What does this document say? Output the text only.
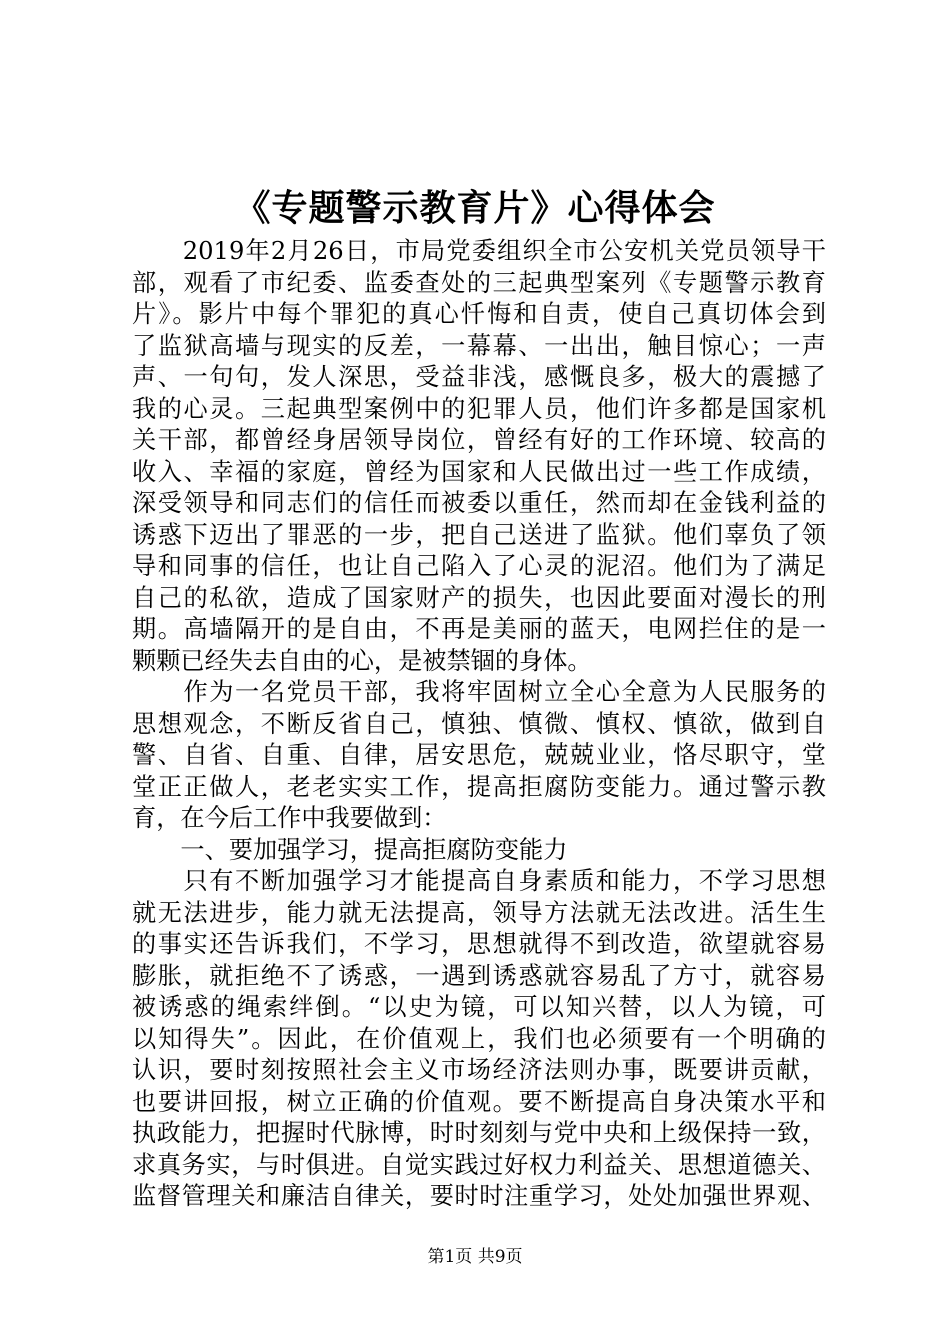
《专题警示教育片》心得体会
　　2019年2月26日，市局党委组织全市公安机关党员领导干
部，观看了市纪委、监委查处的三起典型案列《专题警示教育
片》。影片中每个罪犯的真心忏悔和自责，使自己真切体会到
了监狱高墙与现实的反差，一幕幕、一出出，触目惊心；一声
声、一句句，发人深思，受益非浅，感慨良多，极大的震撼了
我的心灵。三起典型案例中的犯罪人员，他们许多都是国家机
关干部，都曾经身居领导岗位，曾经有好的工作环境、较高的
收入、幸福的家庭，曾经为国家和人民做出过一些工作成绩，
深受领导和同志们的信任而被委以重任，然而却在金钱利益的
诱惑下迈出了罪恶的一步，把自己送进了监狱。他们辜负了领
导和同事的信任，也让自己陷入了心灵的泥沼。他们为了满足
自己的私欲，造成了国家财产的损失，也因此要面对漫长的刑
期。高墙隔开的是自由，不再是美丽的蓝天，电网拦住的是一
颗颗已经失去自由的心，是被禁锢的身体。
　　作为一名党员干部，我将牢固树立全心全意为人民服务的
思想观念，不断反省自己，慎独、慎微、慎权、慎欲，做到自
警、自省、自重、自律，居安思危，兢兢业业，恪尽职守，堂
堂正正做人，老老实实工作，提高拒腐防变能力。通过警示教
育，在今后工作中我要做到：
　　一、要加强学习，提高拒腐防变能力
　　只有不断加强学习才能提高自身素质和能力，不学习思想
就无法进步，能力就无法提高，领导方法就无法改进。活生生
的事实还告诉我们，不学习，思想就得不到改造，欲望就容易
膨胀，就拒绝不了诱惑，一遇到诱惑就容易乱了方寸，就容易
被诱惑的绳索绊倒。“以史为镜，可以知兴替，以人为镜，可
以知得失”。因此，在价值观上，我们也必须要有一个明确的
认识，要时刻按照社会主义市场经济法则办事，既要讲贡献，
也要讲回报，树立正确的价值观。要不断提高自身决策水平和
执政能力，把握时代脉博，时时刻刻与党中央和上级保持一致，
求真务实，与时俱进。自觉实践过好权力利益关、思想道德关、
监督管理关和廉洁自律关，要时时注重学习，处处加强世界观、
第1页 共9页
